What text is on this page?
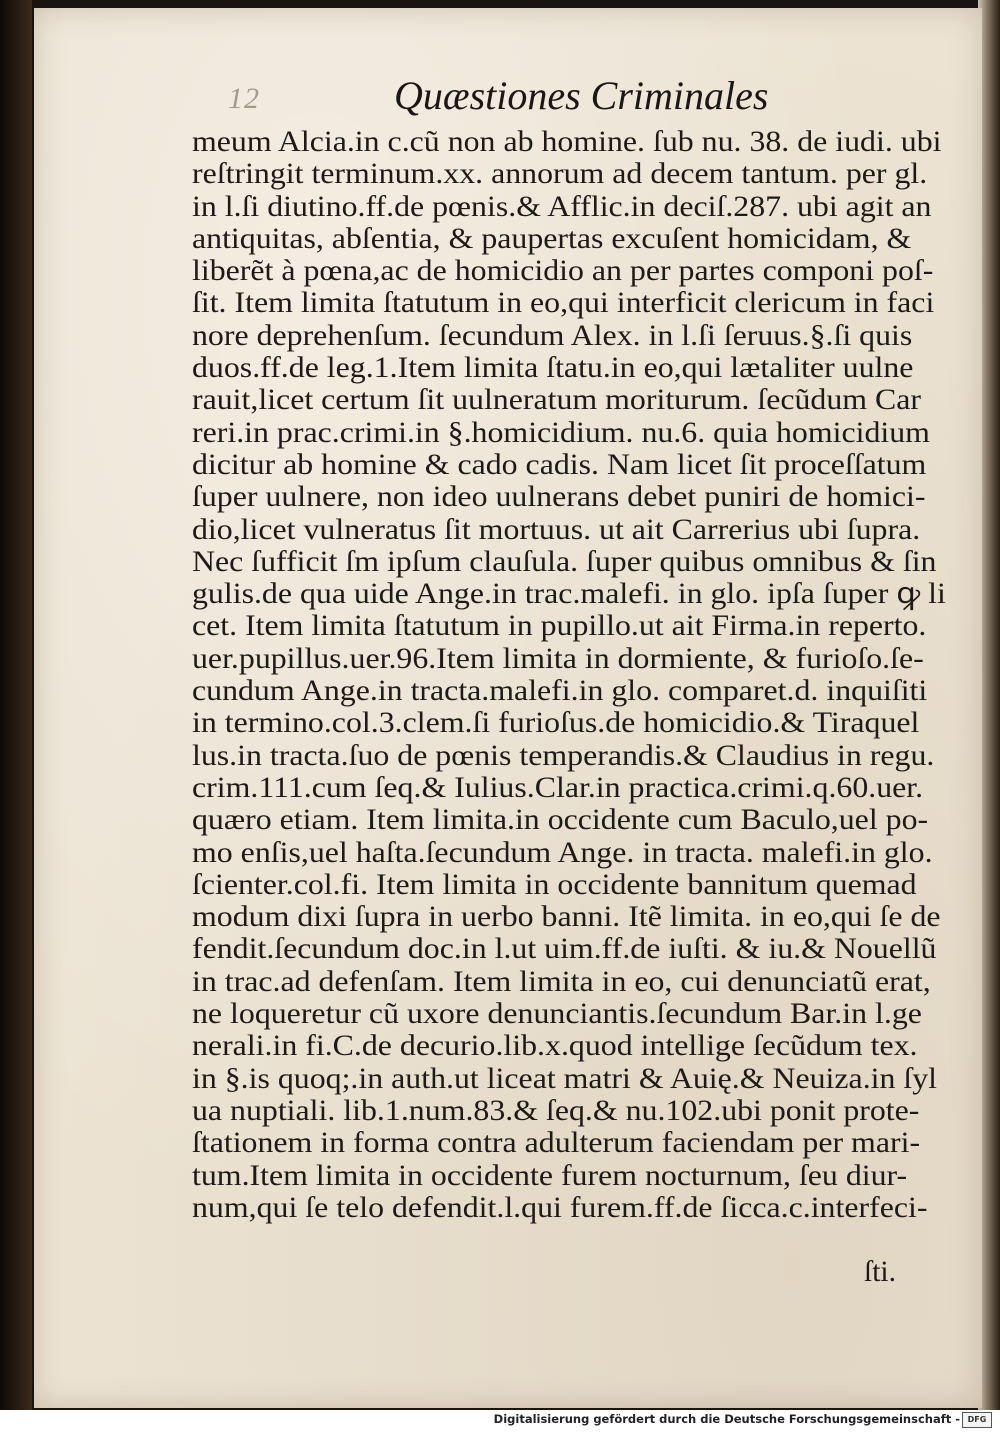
12	Quæstiones Criminales
meum Alcia.in c.cũ non ab homine. ſub nu. 38. de iudi. ubi
reſtringit terminum.xx. annorum ad decem tantum. per gl.
in l.ſi diutino.ff.de pœnis.& Afflic.in deciſ.287. ubi agit an
antiquitas, abſentia, & paupertas excuſent homicidam, &
liberẽt à pœna,ac de homicidio an per partes componi poſ-
ſit. Item limita ſtatutum in eo,qui interficit clericum in faci
nore deprehenſum. ſecundum Alex. in l.ſi ſeruus.§.ſi quis
duos.ff.de leg.1.Item limita ſtatu.in eo,qui lætaliter uulne
rauit,licet certum ſit uulneratum moriturum. ſecũdum Car
reri.in prac.crimi.in §.homicidium. nu.6. quia homicidium
dicitur ab homine & cado cadis. Nam licet ſit proceſſatum
ſuper uulnere, non ideo uulnerans debet puniri de homici-
dio,licet vulneratus ſit mortuus. ut ait Carrerius ubi ſupra.
Nec ſufficit ſm ipſum clauſula. ſuper quibus omnibus & ſin
gulis.de qua uide Ange.in trac.malefi. in glo. ipſa ſuper ꝙ li
cet. Item limita ſtatutum in pupillo.ut ait Firma.in reperto.
uer.pupillus.uer.96.Item limita in dormiente, & furioſo.ſe-
cundum Ange.in tracta.malefi.in glo. comparet.d. inquiſiti
in termino.col.3.clem.ſi furioſus.de homicidio.& Tiraquel
lus.in tracta.ſuo de pœnis temperandis.& Claudius in regu.
crim.111.cum ſeq.& Iulius.Clar.in practica.crimi.q.60.uer.
quæro etiam. Item limita.in occidente cum Baculo,uel po-
mo enſis,uel haſta.ſecundum Ange. in tracta. malefi.in glo.
ſcienter.col.fi. Item limita in occidente bannitum quemad
modum dixi ſupra in uerbo banni. Itẽ limita. in eo,qui ſe de
fendit.ſecundum doc.in l.ut uim.ff.de iuſti. & iu.& Nouellũ
in trac.ad defenſam. Item limita in eo, cui denunciatũ erat,
ne loqueretur cũ uxore denunciantis.ſecundum Bar.in l.ge
nerali.in fi.C.de decurio.lib.x.quod intellige ſecũdum tex.
in §.is quoq;.in auth.ut liceat matri & Auię.& Neuiza.in ſyl
ua nuptiali. lib.1.num.83.& ſeq.& nu.102.ubi ponit prote-
ſtationem in forma contra adulterum faciendam per mari-
tum.Item limita in occidente furem nocturnum, ſeu diur-
num,qui ſe telo defendit.l.qui furem.ff.de ſicca.c.interfeci-
ſti.
Digitalisierung gefördert durch die Deutsche Forschungsgemeinschaft - DFG
